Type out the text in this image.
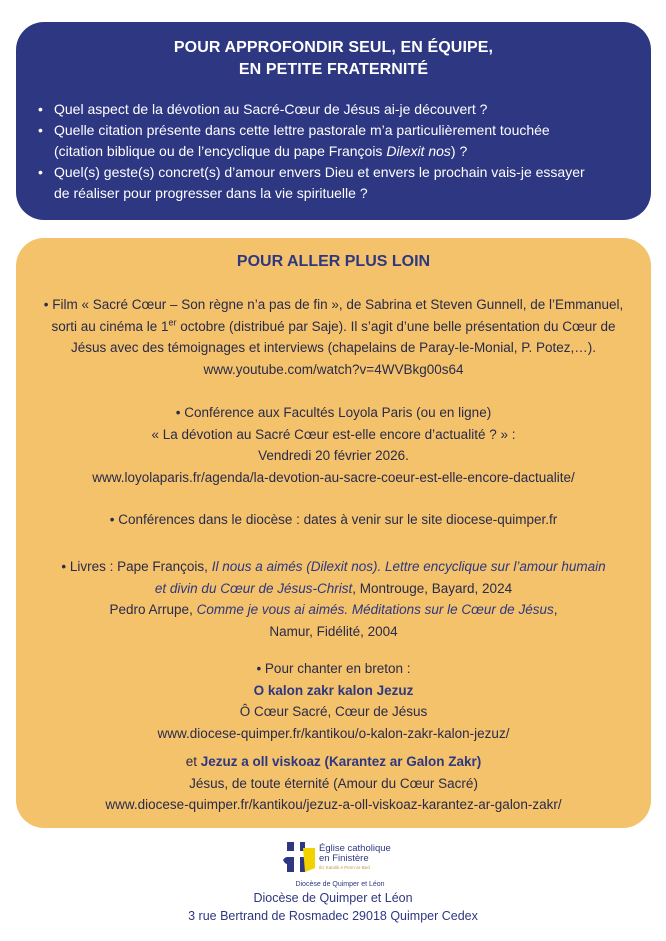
POUR APPROFONDIR SEUL, EN ÉQUIPE,
EN PETITE FRATERNITÉ
• Quel aspect de la dévotion au Sacré-Cœur de Jésus ai-je découvert ?
• Quelle citation présente dans cette lettre pastorale m’a particulièrement touchée
(citation biblique ou de l’encyclique du pape François Dilexit nos) ?
• Quel(s) geste(s) concret(s) d’amour envers Dieu et envers le prochain vais-je essayer
de réaliser pour progresser dans la vie spirituelle ?
POUR ALLER PLUS LOIN

• Film « Sacré Cœur – Son règne n’a pas de fin », de Sabrina et Steven Gunnell, de l’Emmanuel,

sorti au cinéma le 1er octobre (distribué par Saje). Il s’agit d’une belle présentation du Cœur de

Jésus avec des témoignages et interviews (chapelains de Paray-le-Monial, P. Potez,…).

www.youtube.com/watch?v=4WVBkg00s64

• Conférence aux Facultés Loyola Paris (ou en ligne)

« La dévotion au Sacré Cœur est-elle encore d’actualité ? » :

Vendredi 20 février 2026.

www.loyolaparis.fr/agenda/la-devotion-au-sacre-coeur-est-elle-encore-dactualite/

• Conférences dans le diocèse : dates à venir sur le site diocese-quimper.fr

• Livres : Pape François, Il nous a aimés (Dilexit nos). Lettre encyclique sur l’amour humain

et divin du Cœur de Jésus-Christ, Montrouge, Bayard, 2024

Pedro Arrupe, Comme je vous ai aimés. Méditations sur le Cœur de Jésus,

Namur, Fidélité, 2004

• Pour chanter en breton :

O kalon zakr kalon Jezuz

Ô Cœur Sacré, Cœur de Jésus

www.diocese-quimper.fr/kantikou/o-kalon-zakr-kalon-jezuz/

et Jezuz a oll viskoaz (Karantez ar Galon Zakr)

Jésus, de toute éternité (Amour du Cœur Sacré)

www.diocese-quimper.fr/kantikou/jezuz-a-oll-viskoaz-karantez-ar-galon-zakr/

Église catholique
en Finistère
Iliz Katolik e Penn-ar-Bed
Diocèse de Quimper et Léon
Diocèse de Quimper et Léon
3 rue Bertrand de Rosmadec 29018 Quimper Cedex
